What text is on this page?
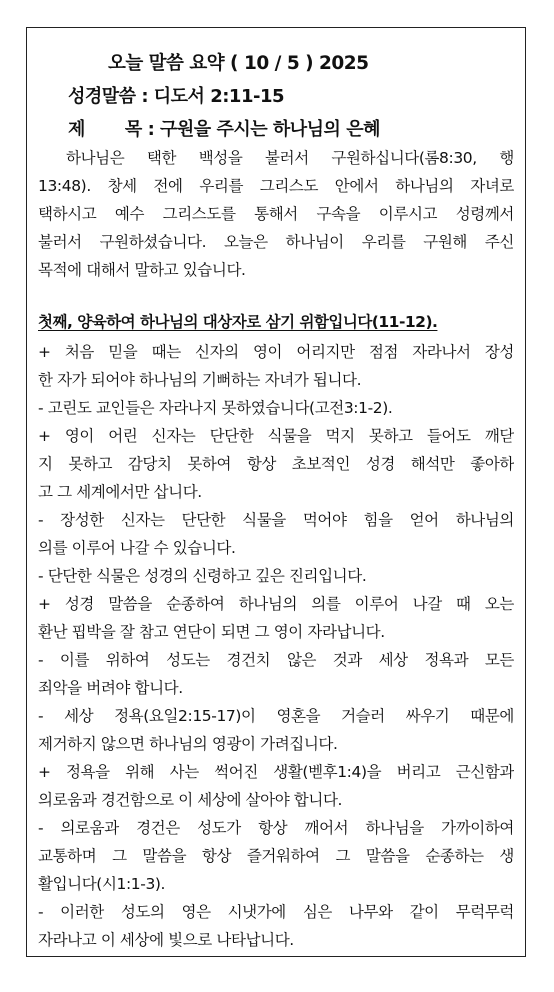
오늘 말씀 요약 ( 10 / 5 ) 2025
성경말씀 : 디도서 2:11-15
제 목 : 구원을 주시는 하나님의 은혜
하나님은 택한 백성을 불러서 구원하십니다(롬8:30, 행
13:48). 창세 전에 우리를 그리스도 안에서 하나님의 자녀로
택하시고 예수 그리스도를 통해서 구속을 이루시고 성령께서
불러서 구원하셨습니다. 오늘은 하나님이 우리를 구원해 주신
목적에 대해서 말하고 있습니다.
첫째, 양육하여 하나님의 대상자로 삼기 위함입니다(11-12).
+ 처음 믿을 때는 신자의 영이 어리지만 점점 자라나서 장성
한 자가 되어야 하나님의 기뻐하는 자녀가 됩니다.
- 고린도 교인들은 자라나지 못하였습니다(고전3:1-2).
+ 영이 어린 신자는 단단한 식물을 먹지 못하고 들어도 깨닫
지 못하고 감당치 못하여 항상 초보적인 성경 해석만 좋아하
고 그 세계에서만 삽니다.
- 장성한 신자는 단단한 식물을 먹어야 힘을 얻어 하나님의
의를 이루어 나갈 수 있습니다.
- 단단한 식물은 성경의 신령하고 깊은 진리입니다.
+ 성경 말씀을 순종하여 하나님의 의를 이루어 나갈 때 오는
환난 핍박을 잘 참고 연단이 되면 그 영이 자라납니다.
- 이를 위하여 성도는 경건치 않은 것과 세상 정욕과 모든
죄악을 버려야 합니다.
- 세상 정욕(요일2:15-17)이 영혼을 거슬러 싸우기 때문에
제거하지 않으면 하나님의 영광이 가려집니다.
+ 정욕을 위해 사는 썩어진 생활(벧후1:4)을 버리고 근신함과
의로움과 경건함으로 이 세상에 살아야 합니다.
- 의로움과 경건은 성도가 항상 깨어서 하나님을 가까이하여
교통하며 그 말씀을 항상 즐거워하여 그 말씀을 순종하는 생
활입니다(시1:1-3).
- 이러한 성도의 영은 시냇가에 심은 나무와 같이 무럭무럭
자라나고 이 세상에 빛으로 나타납니다.
